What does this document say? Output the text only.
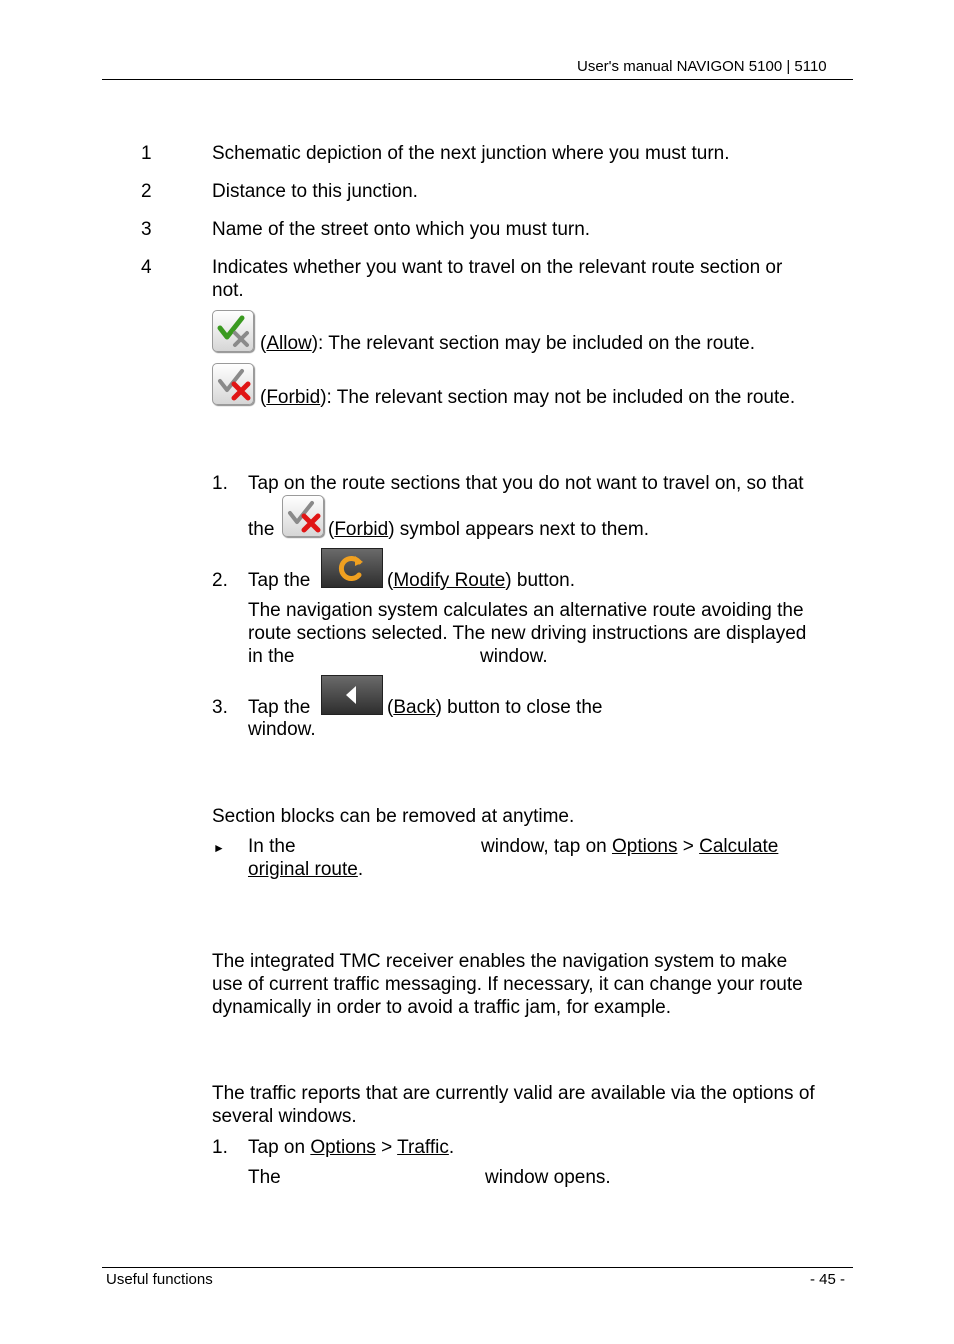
User's manual NAVIGON 5100 | 5110
1	Schematic depiction of the next junction where you must turn.
2	Distance to this junction.
3	Name of the street onto which you must turn.
4	Indicates whether you want to travel on the relevant route section or
not.
(Allow): The relevant section may be included on the route.
(Forbid): The relevant section may not be included on the route.
1. Tap on the route sections that you do not want to travel on, so that
the	(Forbid) symbol appears next to them.
2. Tap the	(Modify Route) button.
The navigation system calculates an alternative route avoiding the
route sections selected. The new driving instructions are displayed
in the	window.
3. Tap the	(Back) button to close the
window.
Section blocks can be removed at anytime.
► In the	window, tap on Options > Calculate
original route.
The integrated TMC receiver enables the navigation system to make
use of current traffic messaging. If necessary, it can change your route
dynamically in order to avoid a traffic jam, for example.
The traffic reports that are currently valid are available via the options of
several windows.
1. Tap on Options > Traffic.
The	window opens.
Useful functions	- 45 -
